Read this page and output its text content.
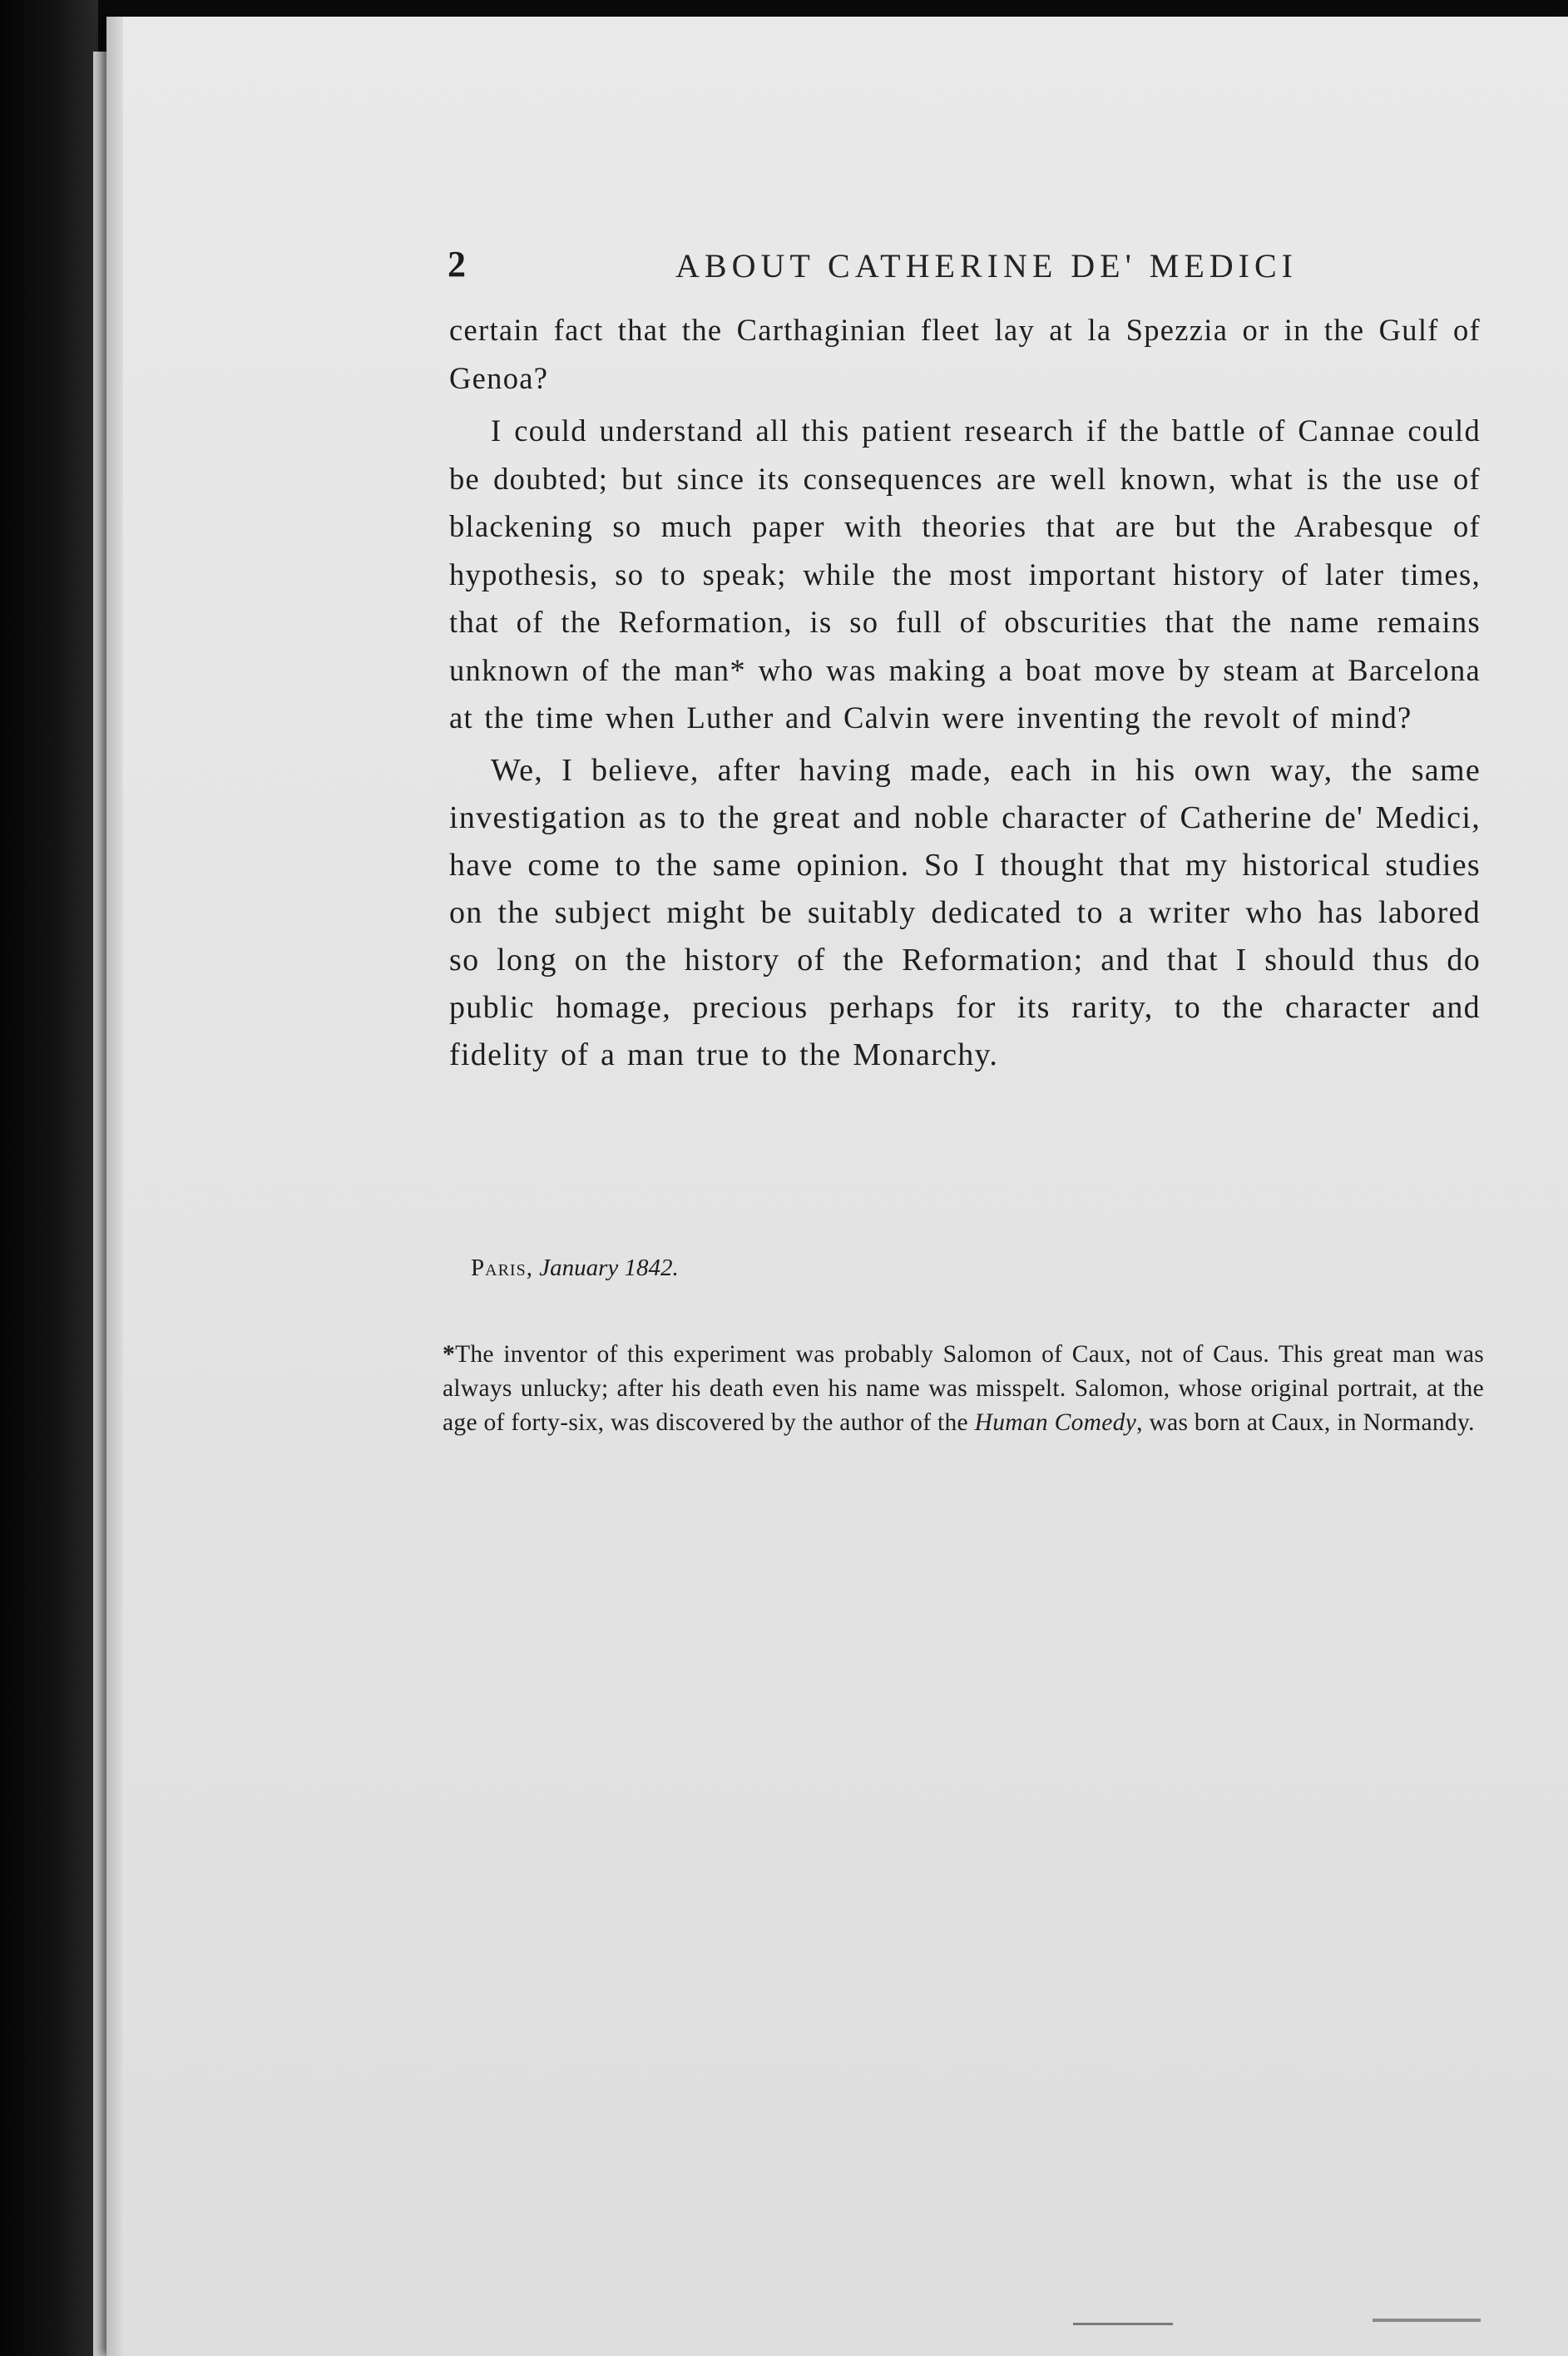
2	ABOUT CATHERINE DE' MEDICI

certain fact that the Carthaginian fleet lay at la Spezzia or in the Gulf of Genoa?

I could understand all this patient research if the battle of Cannae could be doubted; but since its consequences are well known, what is the use of blackening so much paper with theories that are but the Arabesque of hypothesis, so to speak; while the most important history of later times, that of the Reformation, is so full of obscurities that the name remains unknown of the man* who was making a boat move by steam at Barcelona at the time when Luther and Calvin were inventing the revolt of mind?

We, I believe, after having made, each in his own way, the same investigation as to the great and noble character of Catherine de' Medici, have come to the same opinion. So I thought that my historical studies on the subject might be suitably dedicated to a writer who has labored so long on the history of the Reformation; and that I should thus do public homage, precious perhaps for its rarity, to the character and fidelity of a man true to the Monarchy.

Paris, January 1842.
*The inventor of this experiment was probably Salomon of Caux, not of Caus. This great man was always unlucky; after his death even his name was misspelt. Salomon, whose original portrait, at the age of forty-six, was discovered by the author of the Human Comedy, was born at Caux, in Normandy.
